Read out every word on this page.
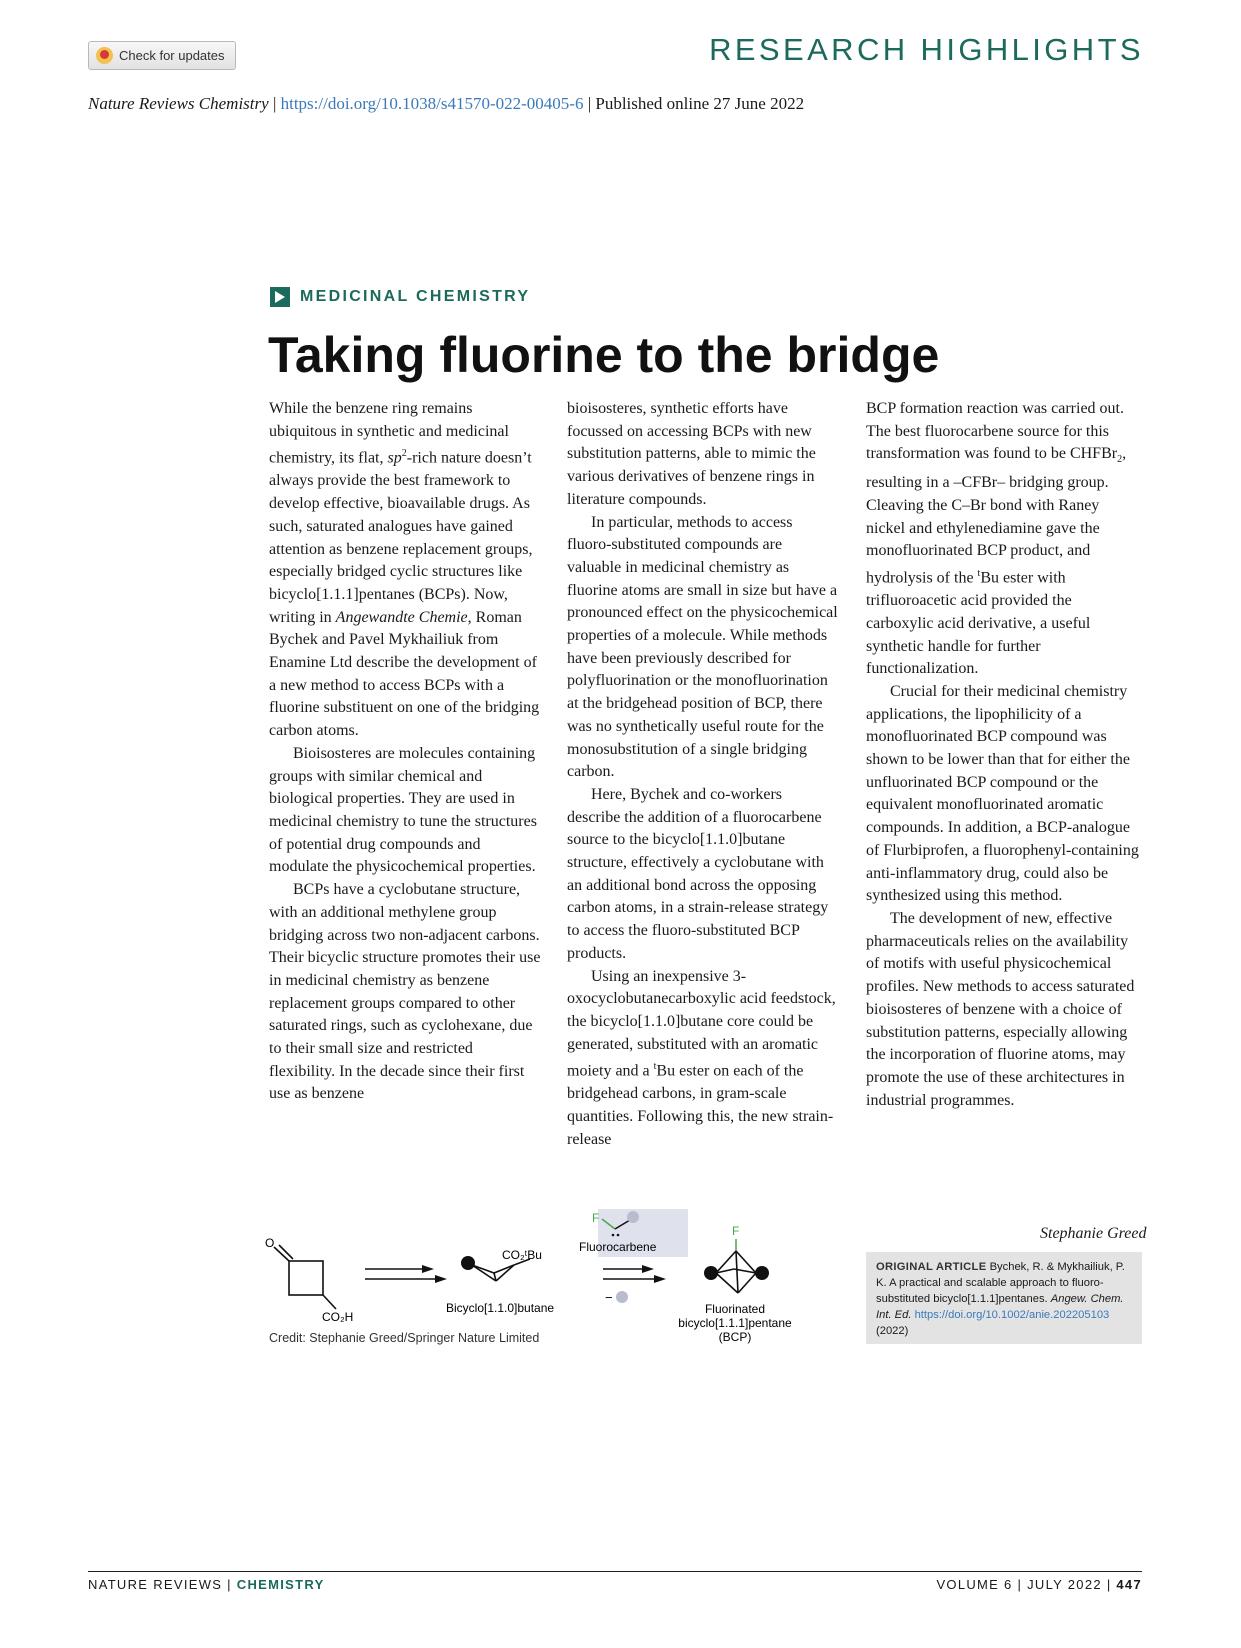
Check for updates	RESEARCH HIGHLIGHTS
Nature Reviews Chemistry | https://doi.org/10.1038/s41570-022-00405-6 | Published online 27 June 2022
MEDICINAL CHEMISTRY
Taking fluorine to the bridge

While the benzene ring remains ubiquitous in synthetic and medicinal chemistry, its flat, $sp^2$-rich nature doesn’t always provide the best framework to develop effective, bioavailable drugs. As such, saturated analogues have gained attention as benzene replacement groups, especially bridged cyclic structures like bicyclo[1.1.1]pentanes (BCPs). Now, writing in Angewandte Chemie, Roman Bychek and Pavel Mykhailiuk from Enamine Ltd describe the development of a new method to access BCPs with a fluorine substituent on one of the bridging carbon atoms.

Bioisosteres are molecules containing groups with similar chemical and biological properties. They are used in medicinal chemistry to tune the structures of potential drug compounds and modulate the physicochemical properties.

BCPs have a cyclobutane structure, with an additional methylene group bridging across two non-adjacent carbons. Their bicyclic structure promotes their use in medicinal chemistry as benzene replacement groups compared to other saturated rings, such as cyclohexane, due to their small size and restricted flexibility. In the decade since their first use as benzene

bioisosteres, synthetic efforts have focussed on accessing BCPs with new substitution patterns, able to mimic the various derivatives of benzene rings in literature compounds.

In particular, methods to access fluoro-substituted compounds are valuable in medicinal chemistry as fluorine atoms are small in size but have a pronounced effect on the physicochemical properties of a molecule. While methods have been previously described for polyfluorination or the monofluorination at the bridgehead position of BCP, there was no synthetically useful route for the monosubstitution of a single bridging carbon.

Here, Bychek and co-workers describe the addition of a fluorocarbene source to the bicyclo[1.1.0]butane structure, effectively a cyclobutane with an additional bond across the opposing carbon atoms, in a strain-release strategy to access the fluoro-substituted BCP products.

Using an inexpensive 3-oxocyclobutanecarboxylic acid feedstock, the bicyclo[1.1.0]butane core could be generated, substituted with an aromatic moiety and a $^t$Bu ester on each of the bridgehead carbons, in gram-scale quantities. Following this, the new strain-release

BCP formation reaction was carried out. The best fluorocarbene source for this transformation was found to be CHFBr$_2$, resulting in a –CFBr– bridging group. Cleaving the C–Br bond with Raney nickel and ethylenediamine gave the monofluorinated BCP product, and hydrolysis of the $^t$Bu ester with trifluoroacetic acid provided the carboxylic acid derivative, a useful synthetic handle for further functionalization.

Crucial for their medicinal chemistry applications, the lipophilicity of a monofluorinated BCP compound was shown to be lower than that for either the unfluorinated BCP compound or the equivalent monofluorinated aromatic compounds. In addition, a BCP-analogue of Flurbiprofen, a fluorophenyl-containing anti-inflammatory drug, could also be synthesized using this method.

The development of new, effective pharmaceuticals relies on the availability of motifs with useful physicochemical profiles. New methods to access saturated bioisosteres of benzene with a choice of substitution patterns, especially allowing the incorporation of fluorine atoms, may promote the use of these architectures in industrial programmes.

Stephanie Greed
ORIGINAL ARTICLE Bychek, R. & Mykhailiuk, P. K. A practical and scalable approach to fluoro-substituted bicyclo[1.1.1]pentanes. Angew. Chem. Int. Ed. https://doi.org/10.1002/anie.202205103 (2022)
O
CO₂H
CO₂ᵗBu
Bicyclo[1.1.0]butane
F
Fluorocarbene
−
F
Fluorinated
bicyclo[1.1.1]pentane
(BCP)
Credit: Stephanie Greed/Springer Nature Limited
NATURE REVIEWS | CHEMISTRY	VOLUME 6 | JULY 2022 | 447
